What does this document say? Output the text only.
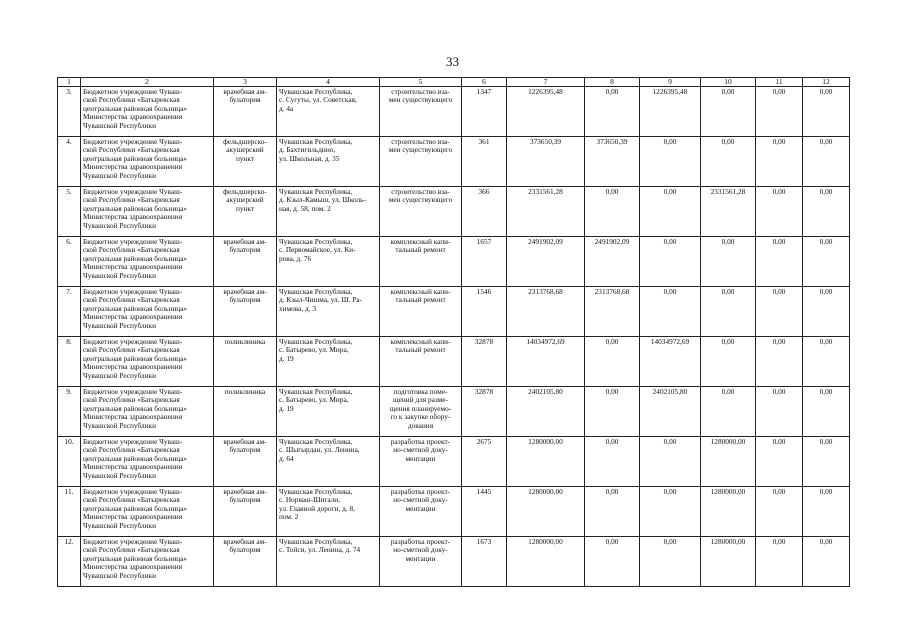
33
1	2	3	4	5	6	7	8	9	10	11	12
3.	Бюджетное учреждение Чуваш-
ской Республики «Батыревская
центральная районная больница»
Министерства здравоохранения
Чувашской Республики	врачебная ам-
булатория	Чувашская Республика,
с. Сугуты, ул. Советская,
д. 4а	строительство вза-
мен существующего	1347	1226395,48	0,00	1226395,48	0,00	0,00	0,00
4.	Бюджетное учреждение Чуваш-
ской Республики «Батыревская
центральная районная больница»
Министерства здравоохранения
Чувашской Республики	фельдшерско-
акушерский
пункт	Чувашская Республика,
д. Бахтигильдино,
ул. Школьная, д. 35	строительство вза-
мен существующего	361	373650,39	373650,39	0,00	0,00	0,00	0,00
5.	Бюджетное учреждение Чуваш-
ской Республики «Батыревская
центральная районная больница»
Министерства здравоохранения
Чувашской Республики	фельдшерско-
акушерский
пункт	Чувашская Республика,
д. Кзыл-Камыш, ул. Школь-
ная, д. 58, пом. 2	строительство вза-
мен существующего	366	2331561,28	0,00	0,00	2331561,28	0,00	0,00
6.	Бюджетное учреждение Чуваш-
ской Республики «Батыревская
центральная районная больница»
Министерства здравоохранения
Чувашской Республики	врачебная ам-
булатория	Чувашская Республика,
с. Первомайское, ул. Ки-
рова, д. 76	комплексный капи-
тальный ремонт	1657	2491902,09	2491902,09	0,00	0,00	0,00	0,00
7.	Бюджетное учреждение Чуваш-
ской Республики «Батыревская
центральная районная больница»
Министерства здравоохранения
Чувашской Республики	врачебная ам-
булатория	Чувашская Республика,
д. Кзыл-Чишма, ул. Ш. Ра-
химова, д. 3	комплексный капи-
тальный ремонт	1546	2313768,68	2313768,68	0,00	0,00	0,00	0,00
8.	Бюджетное учреждение Чуваш-
ской Республики «Батыревская
центральная районная больница»
Министерства здравоохранения
Чувашской Республики	поликлиника	Чувашская Республика,
с. Батырево, ул. Мира,
д. 19	комплексный капи-
тальный ремонт	32878	14034972,69	0,00	14034972,69	0,00	0,00	0,00
9.	Бюджетное учреждение Чуваш-
ской Республики «Батыревская
центральная районная больница»
Министерства здравоохранения
Чувашской Республики	поликлиника	Чувашская Республика,
с. Батырево, ул. Мира,
д. 19	подготовка поме-
щений для разме-
щения планируемо-
го к закупке обору-
дования	32878	2402105,80	0,00	2402105,80	0,00	0,00	0,00
10.	Бюджетное учреждение Чуваш-
ской Республики «Батыревская
центральная районная больница»
Министерства здравоохранения
Чувашской Республики	врачебная ам-
булатория	Чувашская Республика,
с. Шыгырдан, ул. Ленина,
д. 64	разработка проект-
но-сметной доку-
ментации	2675	1280000,00	0,00	0,00	1280000,00	0,00	0,00
11.	Бюджетное учреждение Чуваш-
ской Республики «Батыревская
центральная районная больница»
Министерства здравоохранения
Чувашской Республики	врачебная ам-
булатория	Чувашская Республика,
с. Норваш-Шигали,
ул. Главной дороги, д. 8,
пом. 2	разработка проект-
но-сметной доку-
ментации	1445	1280000,00	0,00	0,00	1280000,00	0,00	0,00
12.	Бюджетное учреждение Чуваш-
ской Республики «Батыревская
центральная районная больница»
Министерства здравоохранения
Чувашской Республики	врачебная ам-
булатория	Чувашская Республика,
с. Тойси, ул. Ленина, д. 74	разработка проект-
но-сметной доку-
ментации	1673	1280000,00	0,00	0,00	1280000,00	0,00	0,00
